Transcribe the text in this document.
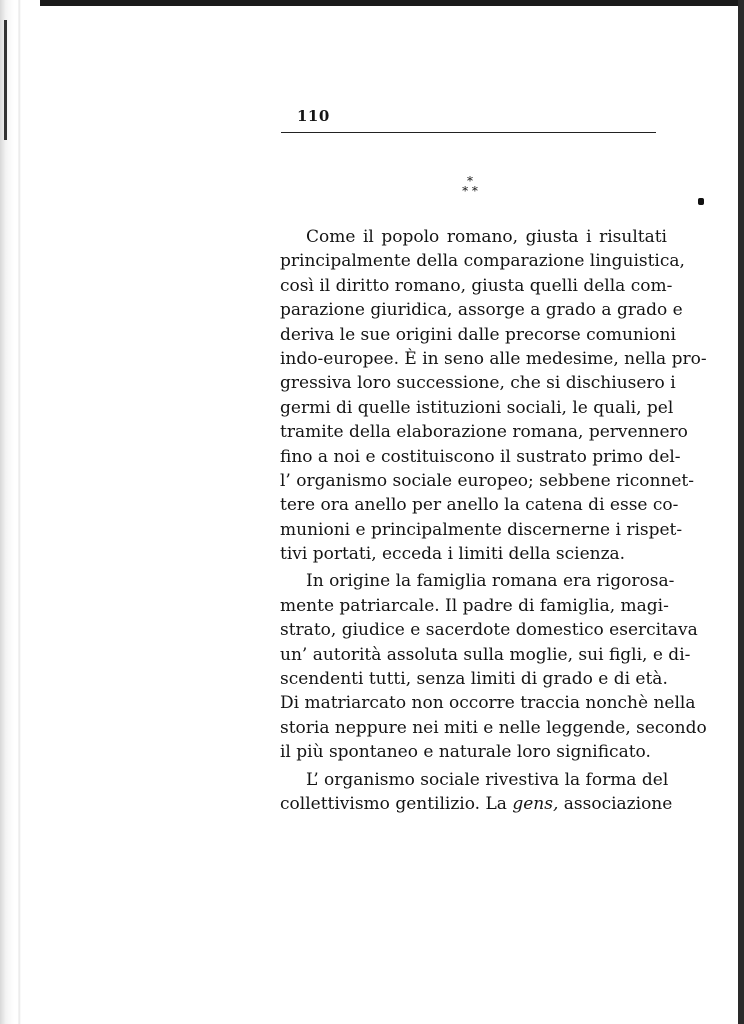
110
*
* *
Come il popolo romano, giusta i risultati
principalmente della comparazione linguistica,
così il diritto romano, giusta quelli della com-
parazione giuridica, assorge a grado a grado e
deriva le sue origini dalle precorse comunioni
indo-europee. È in seno alle medesime, nella pro-
gressiva loro successione, che si dischiusero i
germi di quelle istituzioni sociali, le quali, pel
tramite della elaborazione romana, pervennero
fino a noi e costituiscono il sustrato primo del-
l’ organismo sociale europeo; sebbene riconnet-
tere ora anello per anello la catena di esse co-
munioni e principalmente discernerne i rispet-
tivi portati, ecceda i limiti della scienza.
In origine la famiglia romana era rigorosa-
mente patriarcale. Il padre di famiglia, magi-
strato, giudice e sacerdote domestico esercitava
un’ autorità assoluta sulla moglie, sui figli, e di-
scendenti tutti, senza limiti di grado e di età.
Di matriarcato non occorre traccia nonchè nella
storia neppure nei miti e nelle leggende, secondo
il più spontaneo e naturale loro significato.
L’ organismo sociale rivestiva la forma del
collettivismo gentilizio. La gens, associazione
